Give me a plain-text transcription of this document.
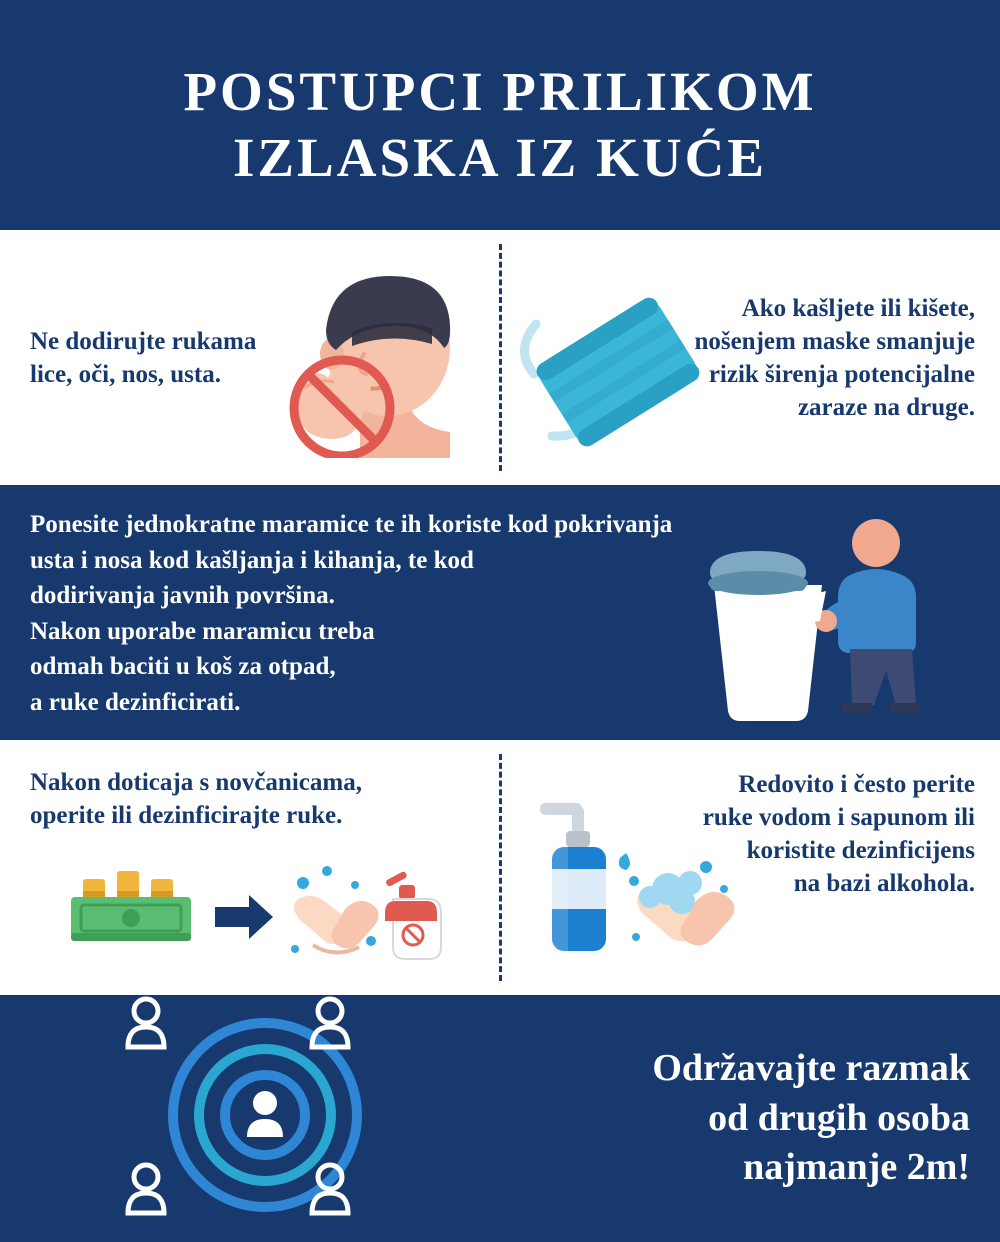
POSTUPCI PRILIKOM
IZLASKA IZ KUĆE
Ne dodirujte rukama
lice, oči, nos, usta.
Ako kašljete ili kišete,
nošenjem maske smanjuje
rizik širenja potencijalne
zaraze na druge.
Ponesite jednokratne maramice te ih koriste kod pokrivanja
usta i nosa kod kašljanja i kihanja, te kod
dodirivanja javnih površina.
Nakon uporabe maramicu treba
odmah baciti u koš za otpad,
a ruke dezinficirati.
Nakon doticaja s novčanicama,
operite ili dezinficirajte ruke.
Redovito i često perite
ruke vodom i sapunom ili
koristite dezinficijens
na bazi alkohola.
Održavajte razmak
od drugih osoba
najmanje 2m!
